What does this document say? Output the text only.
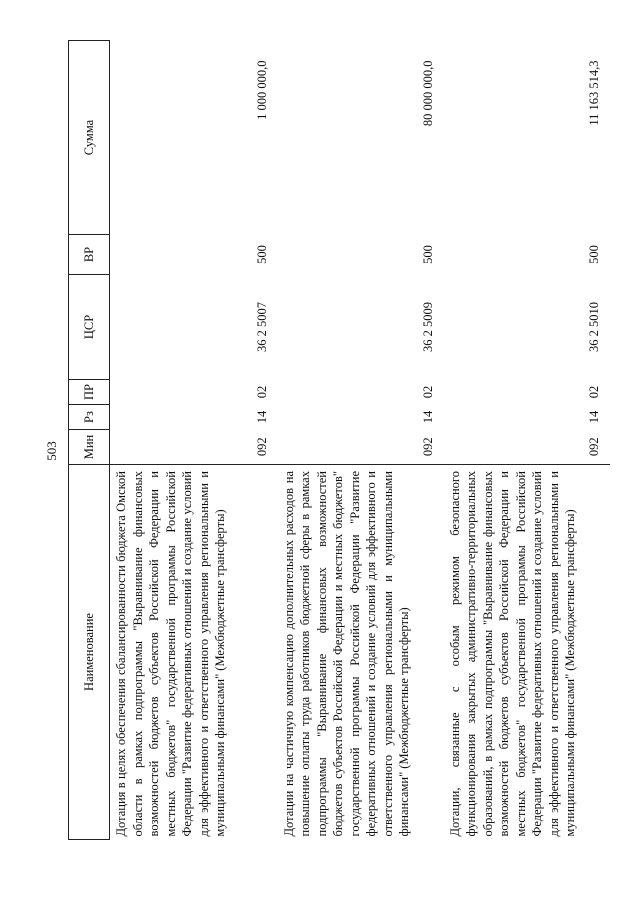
503
Наименование	Мин	Рз	ПР	ЦСР	ВР	Сумма
Дотация в целях обеспечения сбалансированности бюджета Омской области в рамках подпрограммы "Выравнивание финансовых возможностей бюджетов субъектов Российской Федерации и местных бюджетов" государственной программы Российской Федерации "Развитие федеративных отношений и создание условий для эффективного и ответственного управления региональными и муниципальными финансами" (Межбюджетные трансферты)	092	14	02	36 2 5007	500	1 000 000,0
Дотации на частичную компенсацию дополнительных расходов на повышение оплаты труда работников бюджетной сферы в рамках подпрограммы "Выравнивание финансовых возможностей бюджетов субъектов Российской Федерации и местных бюджетов" государственной программы Российской Федерации "Развитие федеративных отношений и создание условий для эффективного и ответственного управления региональными и муниципальными финансами" (Межбюджетные трансферты)	092	14	02	36 2 5009	500	80 000 000,0
Дотации, связанные с особым режимом безопасного функционирования закрытых административно-территориальных образований, в рамках подпрограммы "Выравнивание финансовых возможностей бюджетов субъектов Российской Федерации и местных бюджетов" государственной программы Российской Федерации "Развитие федеративных отношений и создание условий для эффективного и ответственного управления региональными и муниципальными финансами" (Межбюджетные трансферты)	092	14	02	36 2 5010	500	11 163 514,3
